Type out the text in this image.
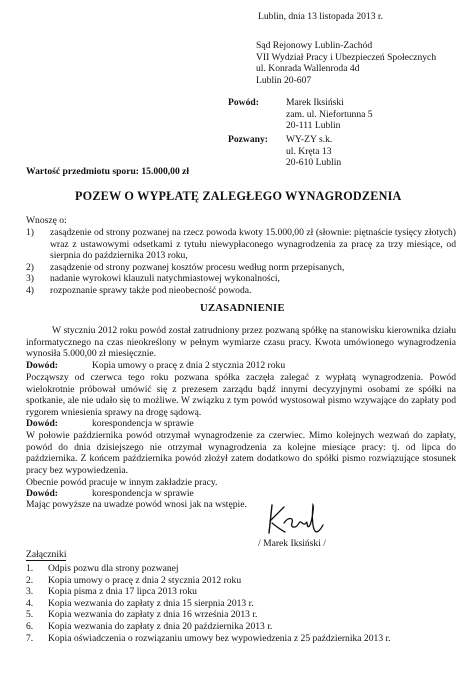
Lublin, dnia 13 listopada 2013 r.
Sąd Rejonowy Lublin-Zachód
VII Wydział Pracy i Ubezpieczeń Społecznych
ul. Konrada Wallenroda 4d
Lublin 20-607
Powód:	Marek Iksiński
zam. ul. Niefortunna 5
20-111 Lublin
Pozwany: WY-ZY s.k.
ul. Kręta 13
20-610 Lublin
Wartość przedmiotu sporu: 15.000,00 zł
POZEW O WYPŁATĘ ZALEGŁEGO WYNAGRODZENIA
Wnoszę o:
1) zasądzenie od strony pozwanej na rzecz powoda kwoty 15.000,00 zł (słownie: piętnaście tysięcy złotych) wraz z ustawowymi odsetkami z tytułu niewypłaconego wynagrodzenia za pracę za trzy miesiące, od sierpnia do października 2013 roku,
2) zasądzenie od strony pozwanej kosztów procesu według norm przepisanych,
3) nadanie wyrokowi klauzuli natychmiastowej wykonalności,
4) rozpoznanie sprawy także pod nieobecność powoda.
UZASADNIENIE
W styczniu 2012 roku powód został zatrudniony przez pozwaną spółkę na stanowisku kierownika działu informatycznego na czas nieokreślony w pełnym wymiarze czasu pracy. Kwota umówionego wynagrodzenia wynosiła 5.000,00 zł miesięcznie.
Dowód:	Kopia umowy o pracę z dnia 2 stycznia 2012 roku
Począwszy od czerwca tego roku pozwana spółka zaczęła zalegać z wypłatą wynagrodzenia. Powód wielokrotnie próbował umówić się z prezesem zarządu bądź innymi decyzyjnymi osobami ze spółki na spotkanie, ale nie udało się to możliwe. W związku z tym powód wystosował pismo wzywające do zapłaty pod rygorem wniesienia sprawy na drogę sądową.
Dowód:	korespondencja w sprawie
W połowie października powód otrzymał wynagrodzenie za czerwiec. Mimo kolejnych wezwań do zapłaty, powód do dnia dzisiejszego nie otrzymał wynagrodzenia za kolejne miesiące pracy: tj. od lipca do października. Z końcem października powód złożył zatem dodatkowo do spółki pismo rozwiązujące stosunek pracy bez wypowiedzenia.
Obecnie powód pracuje w innym zakładzie pracy.
Dowód:	korespondencja w sprawie
Mając powyższe na uwadze powód wnosi jak na wstępie.
/ Marek Iksiński /
Załączniki
1. Odpis pozwu dla strony pozwanej
2. Kopia umowy o pracę z dnia 2 stycznia 2012 roku
3. Kopia pisma z dnia 17 lipca 2013 roku
4. Kopia wezwania do zapłaty z dnia 15 sierpnia 2013 r.
5. Kopia wezwania do zapłaty z dnia 16 września 2013 r.
6. Kopia wezwania do zapłaty z dnia 20 października 2013 r.
7. Kopia oświadczenia o rozwiązaniu umowy bez wypowiedzenia z 25 października 2013 r.
